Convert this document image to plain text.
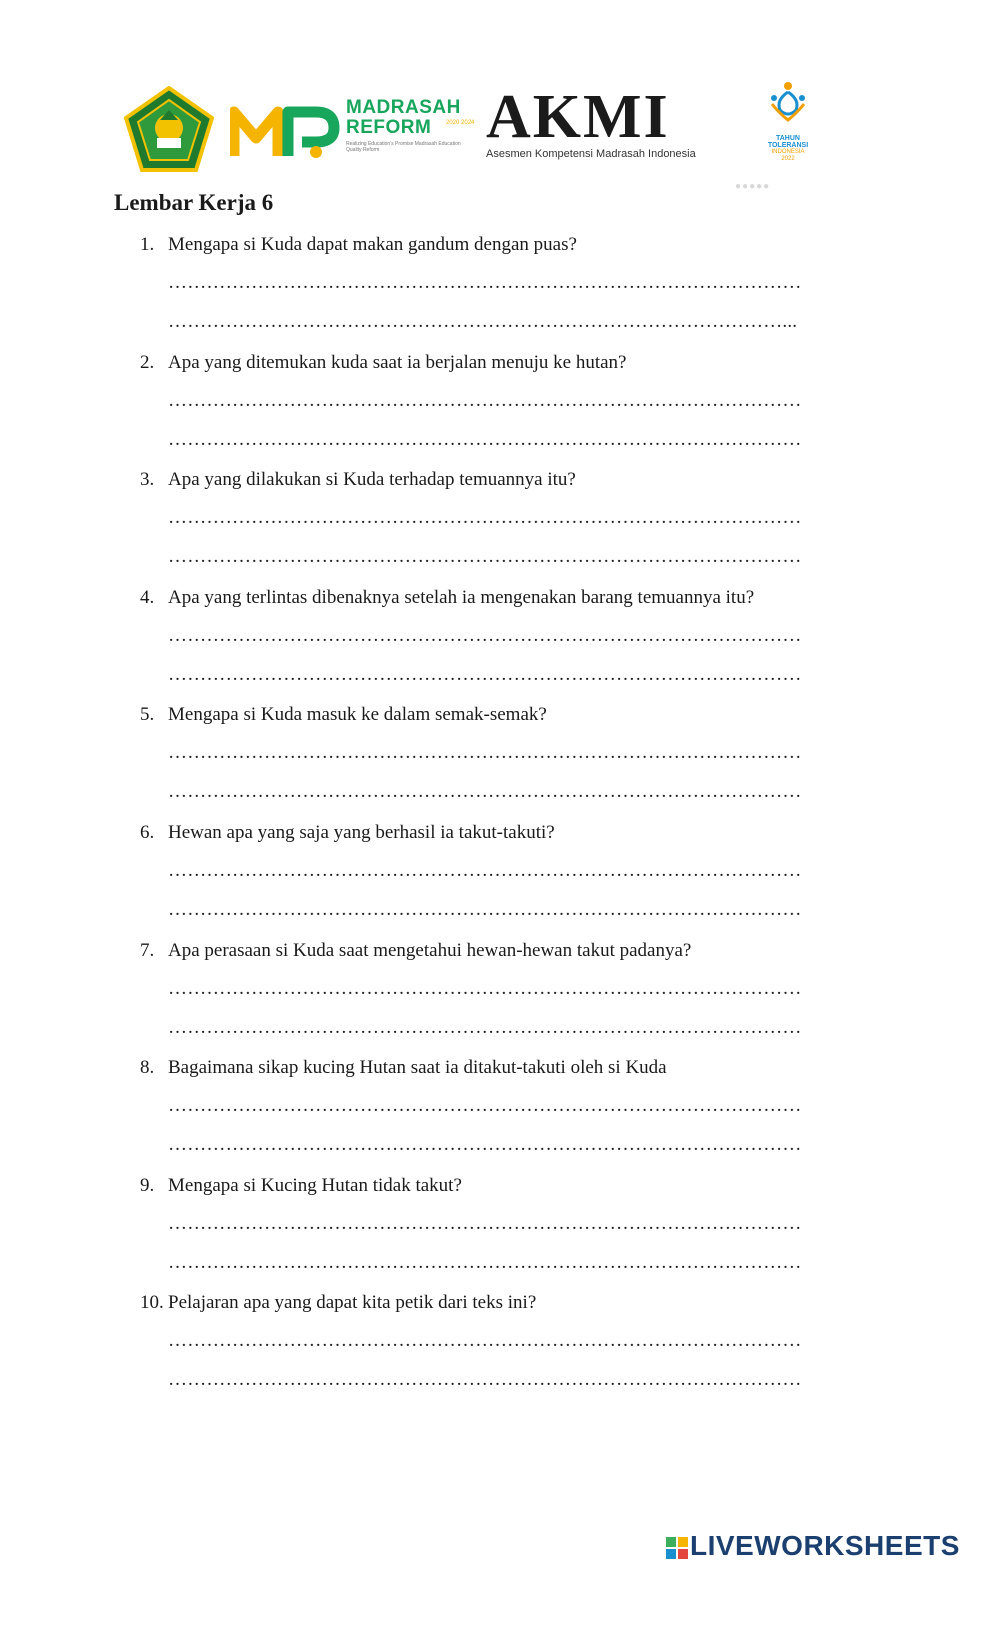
MADRASAH
REFORM	2020 2024
Realizing Education's Promise Madrasah Education Quality Reform	AKMI
Asesmen Kompetensi Madrasah Indonesia
TAHUN
TOLERANSI
INDONESIA
2022
●●●●●
Lembar Kerja 6
1. Mengapa si Kuda dapat makan gandum dengan puas?
………………………………………………………………………………………
……………………………………………………………………………………...
2. Apa yang ditemukan kuda saat ia berjalan menuju ke hutan?
………………………………………………………………………………………
………………………………………………………………………………………
3. Apa yang dilakukan si Kuda terhadap temuannya itu?
………………………………………………………………………………………
………………………………………………………………………………………
4. Apa yang terlintas dibenaknya setelah ia mengenakan barang temuannya itu?
………………………………………………………………………………………
………………………………………………………………………………………
5. Mengapa si Kuda masuk ke dalam semak-semak?
………………………………………………………………………………………
………………………………………………………………………………………
6. Hewan apa yang saja yang berhasil ia takut-takuti?
………………………………………………………………………………………
………………………………………………………………………………………
7. Apa perasaan si Kuda saat mengetahui hewan-hewan takut padanya?
………………………………………………………………………………………
………………………………………………………………………………………
8. Bagaimana sikap kucing Hutan saat ia ditakut-takuti oleh si Kuda
………………………………………………………………………………………
………………………………………………………………………………………
9. Mengapa si Kucing Hutan tidak takut?
………………………………………………………………………………………
………………………………………………………………………………………
10. Pelajaran apa yang dapat kita petik dari teks ini?
………………………………………………………………………………………
………………………………………………………………………………………
LIVEWORKSHEETS
